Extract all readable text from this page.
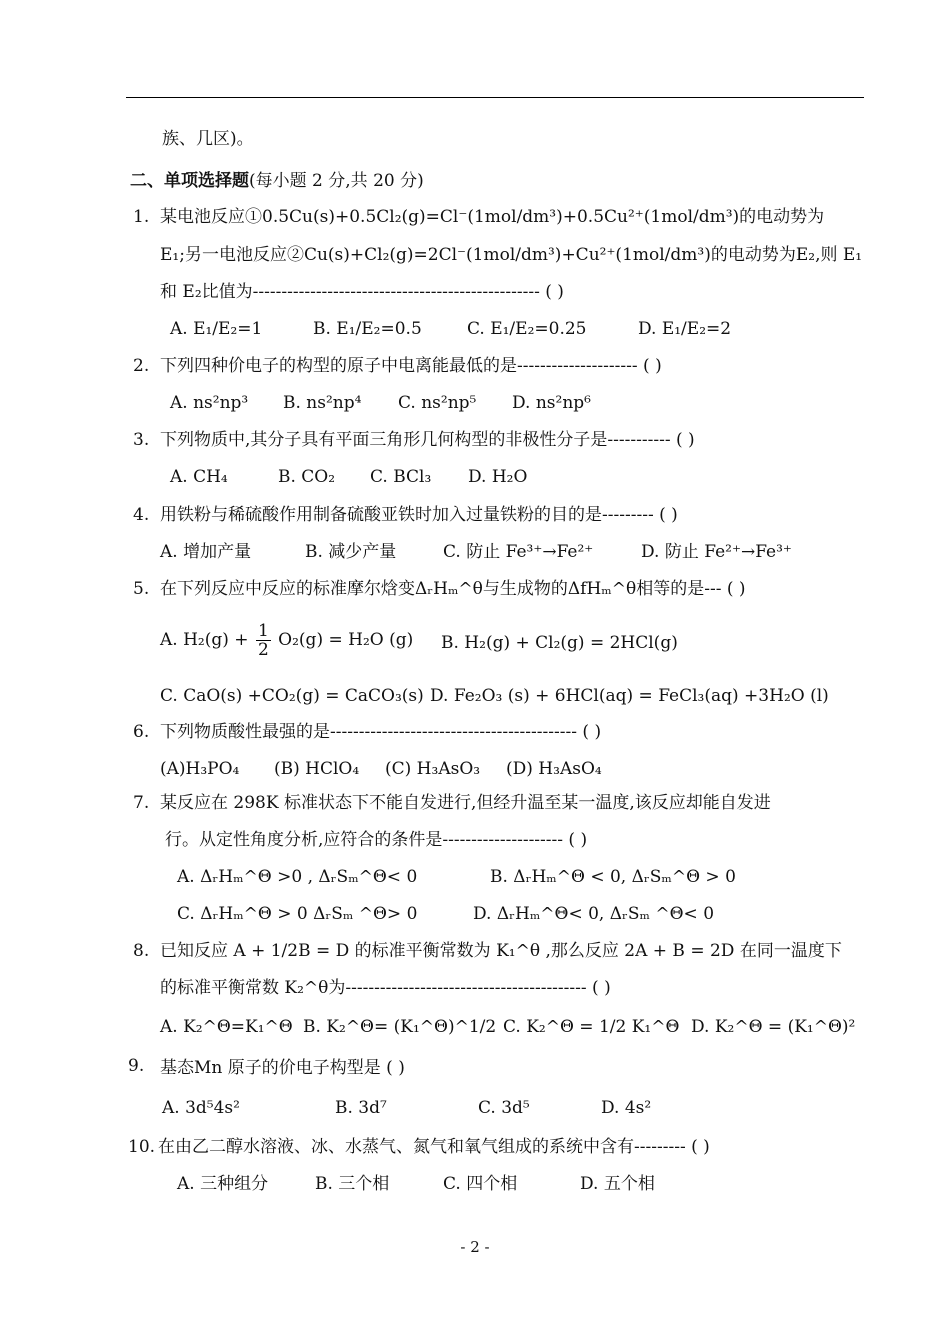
族、几区)。
二、单项选择题(每小题 2 分,共 20 分)
1. 某电池反应①0.5Cu(s)+0.5Cl₂(g)=Cl⁻(1mol/dm³)+0.5Cu²⁺(1mol/dm³)的电动势为
E₁;另一电池反应②Cu(s)+Cl₂(g)=2Cl⁻(1mol/dm³)+Cu²⁺(1mol/dm³)的电动势为E₂,则 E₁
和 E₂比值为-------------------------------------------------- ( )
A. E₁/E₂=1	B. E₁/E₂=0.5	C. E₁/E₂=0.25	D. E₁/E₂=2
2. 下列四种价电子的构型的原子中电离能最低的是--------------------- ( )
A. ns²np³ B. ns²np⁴ C. ns²np⁵ D. ns²np⁶
3. 下列物质中,其分子具有平面三角形几何构型的非极性分子是----------- ( )
A. CH₄	B. CO₂ C. BCl₃ D. H₂O
4. 用铁粉与稀硫酸作用制备硫酸亚铁时加入过量铁粉的目的是--------- ( )
A. 增加产量	B. 减少产量	C. 防止 Fe³⁺→Fe²⁺	D. 防止 Fe²⁺→Fe³⁺
5. 在下列反应中反应的标准摩尔焓变ΔᵣHₘ^θ与生成物的ΔfHₘ^θ相等的是--- ( )
A. $H_2(g) + \frac{1}{2} O_2(g) = H_2O$ (g) B. H₂(g) + Cl₂(g) = 2HCl(g)
C. CaO(s) +CO₂(g) = CaCO₃(s) D. Fe₂O₃ (s) + 6HCl(aq) = FeCl₃(aq) +3H₂O (l)
6. 下列物质酸性最强的是------------------------------------------- ( )
(A)H₃PO₄ (B) HClO₄ (C) H₃AsO₃ (D) H₃AsO₄
7. 某反应在 298K 标准状态下不能自发进行,但经升温至某一温度,该反应却能自发进
行。从定性角度分析,应符合的条件是--------------------- ( )
A. ΔᵣHₘ^Θ >0 , ΔᵣSₘ^Θ< 0	B. ΔᵣHₘ^Θ < 0, ΔᵣSₘ^Θ > 0
C. ΔᵣHₘ^Θ > 0 ΔᵣSₘ ^Θ> 0	D. ΔᵣHₘ^Θ< 0, ΔᵣSₘ ^Θ< 0
8. 已知反应 A + 1/2B = D 的标准平衡常数为 K₁^θ ,那么反应 2A + B = 2D 在同一温度下
的标准平衡常数 K₂^θ为------------------------------------------ ( )
A. K₂^Θ=K₁^Θ B. K₂^Θ= (K₁^Θ)^1/2 C. K₂^Θ = 1/2 K₁^Θ D. K₂^Θ = (K₁^Θ)²
9. 基态Mn 原子的价电子构型是 ( )
A. 3d⁵4s²	B. 3d⁷	C. 3d⁵	D. 4s²
10. 在由乙二醇水溶液、冰、水蒸气、氮气和氧气组成的系统中含有--------- ( )
A. 三种组分	B. 三个相	C. 四个相	D. 五个相
- 2 -
